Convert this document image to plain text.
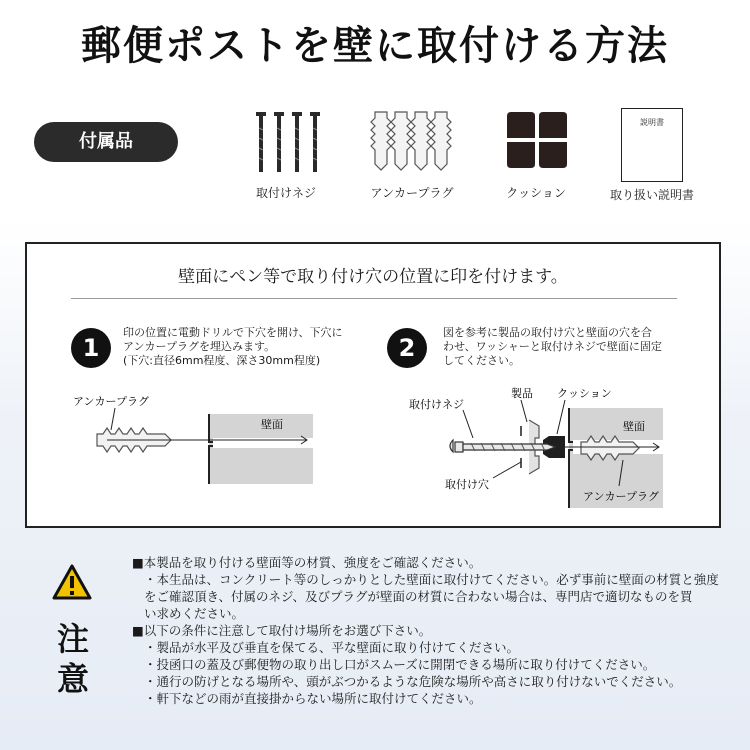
郵便ポストを壁に取付ける方法
付属品
取付けネジ	アンカープラグ	クッション
説明書
取り扱い説明書
壁面にペン等で取り付け穴の位置に印を付けます。
1
印の位置に電動ドリルで下穴を開け、下穴に
アンカープラグを埋込みます。
(下穴:直径6mm程度、深さ30mm程度)
アンカープラグ
壁面
2
図を参考に製品の取付け穴と壁面の穴を合
わせ、ワッシャーと取付けネジで壁面に固定
してください。
取付けネジ
製品 クッション
壁面
取付け穴
アンカープラグ
注
意
■本製品を取り付ける壁面等の材質、強度をご確認ください。
・本生品は、コンクリート等のしっかりとした壁面に取付けてください。必ず事前に壁面の材質と強度
をご確認頂き、付属のネジ、及びプラグが壁面の材質に合わない場合は、専門店で適切なものを買
い求めください。
■以下の条件に注意して取付け場所をお選び下さい。
・製品が水平及び垂直を保てる、平な壁面に取り付けてください。
・投函口の蓋及び郵便物の取り出し口がスムーズに開閉できる場所に取り付けてください。
・通行の防げとなる場所や、頭がぶつかるような危険な場所や高さに取り付けないでください。
・軒下などの雨が直接掛からない場所に取付けてください。
